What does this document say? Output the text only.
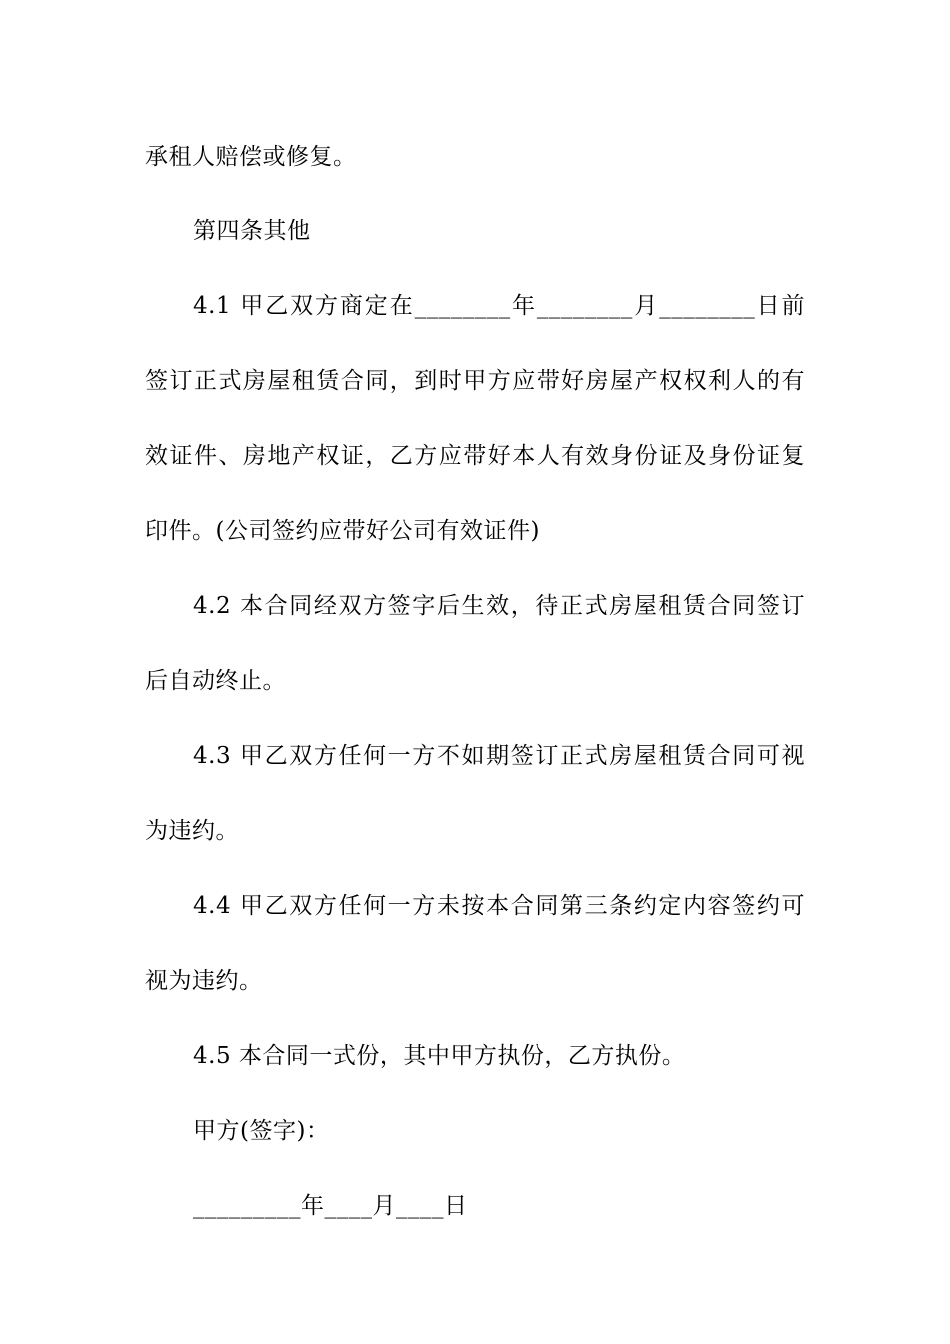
承租人赔偿或修复。
第四条其他
4.1 甲乙双方商定在________年________月________日前
签订正式房屋租赁合同，到时甲方应带好房屋产权权利人的有
效证件、房地产权证，乙方应带好本人有效身份证及身份证复
印件。(公司签约应带好公司有效证件)
4.2 本合同经双方签字后生效，待正式房屋租赁合同签订
后自动终止。
4.3 甲乙双方任何一方不如期签订正式房屋租赁合同可视
为违约。
4.4 甲乙双方任何一方未按本合同第三条约定内容签约可
视为违约。
4.5 本合同一式份，其中甲方执份，乙方执份。
甲方(签字)：
_________年____月____日
